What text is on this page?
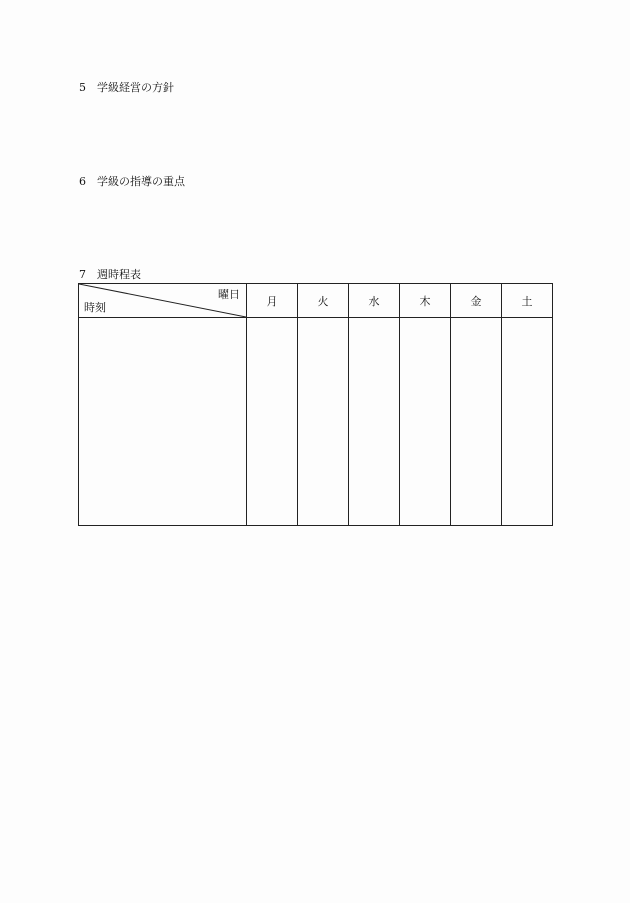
5 学級経営の方針
6 学級の指導の重点
7 週時程表
曜日
時刻	月	火	水	木	金	土
